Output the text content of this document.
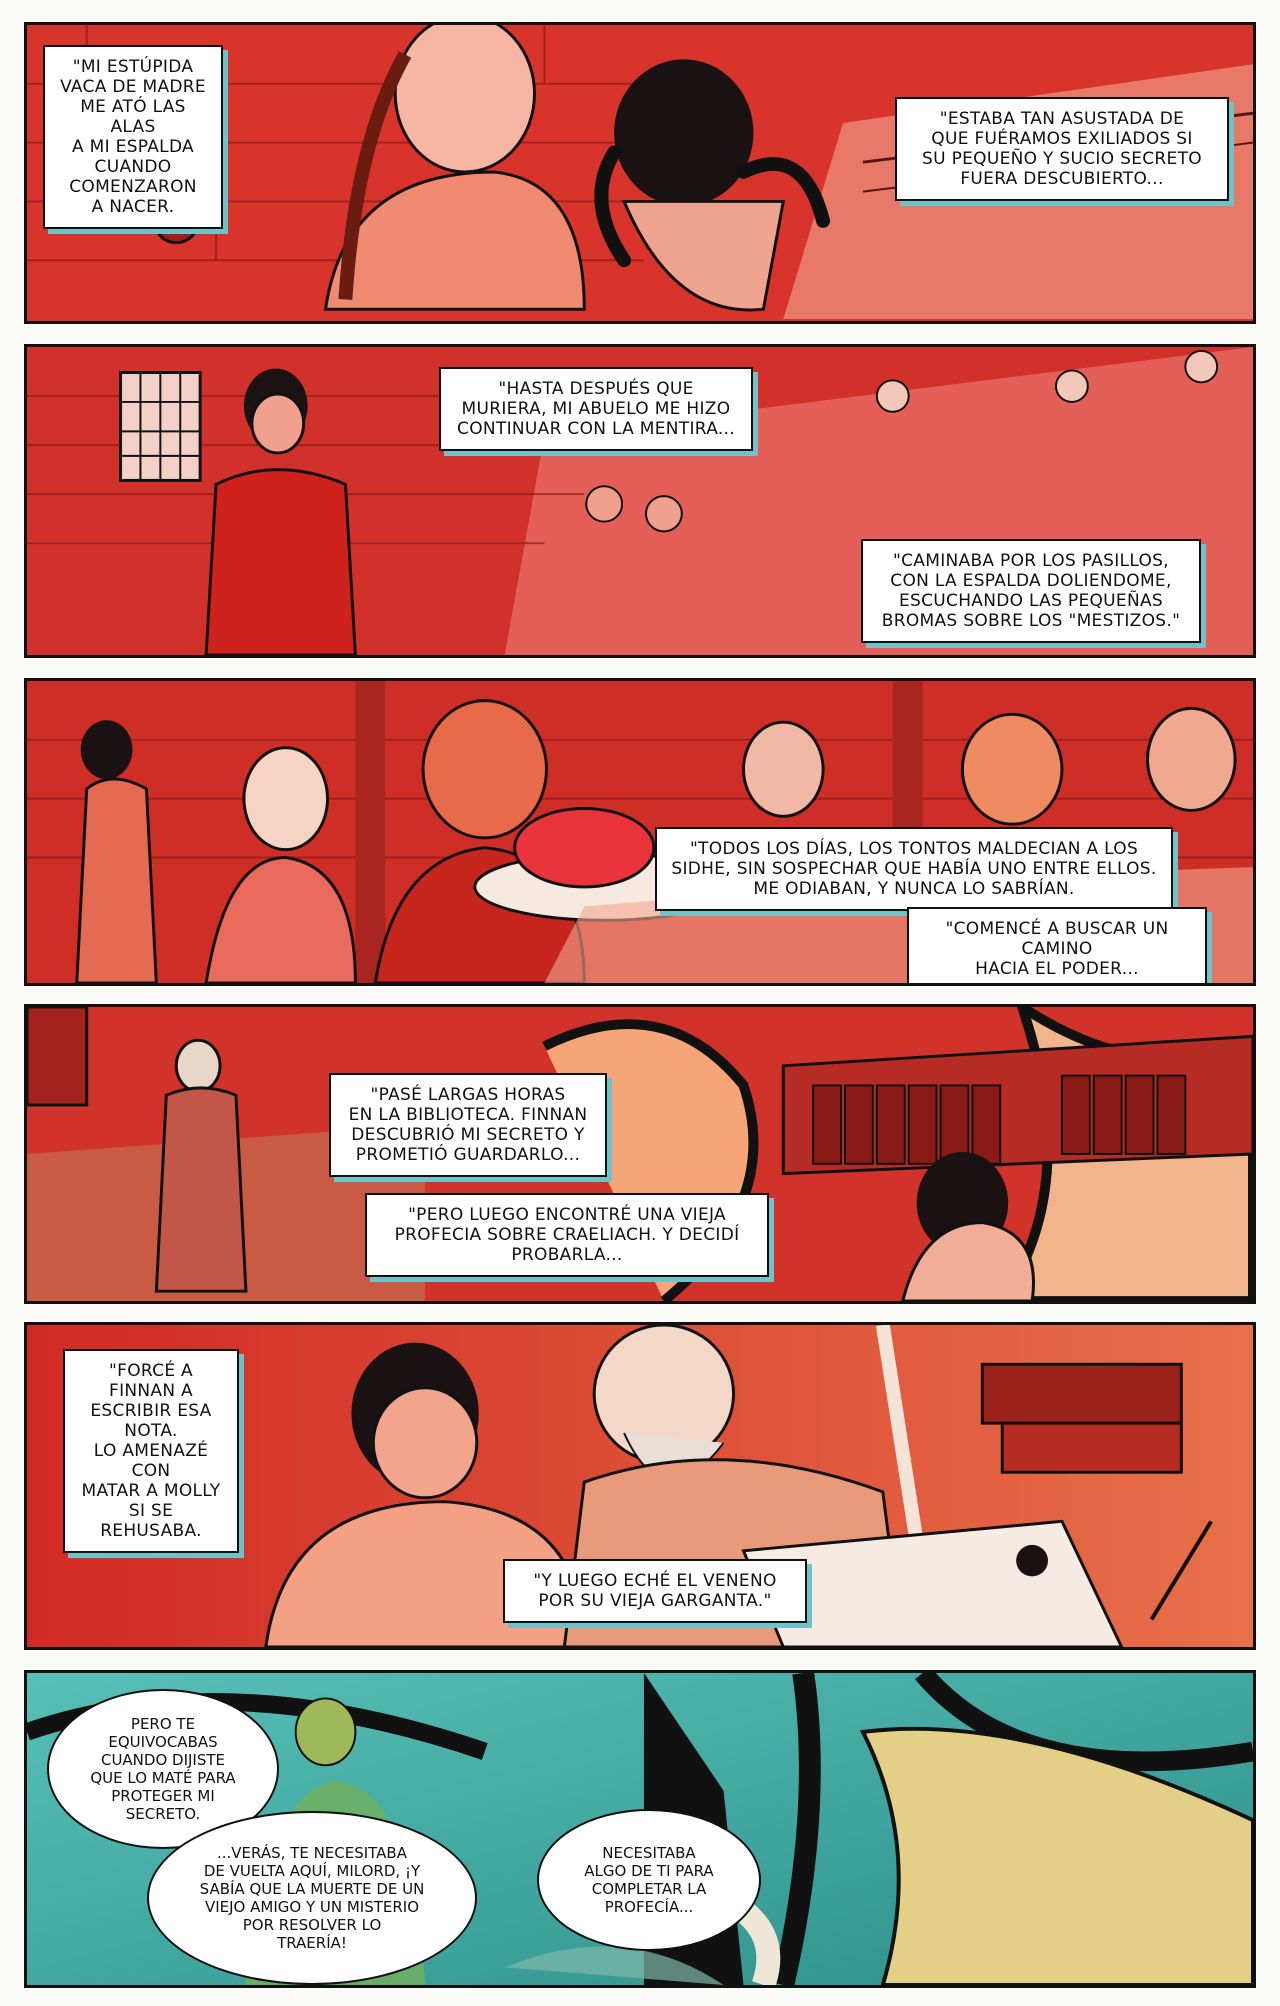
"MI ESTÚPIDA
VACA DE MADRE
ME ATÓ LAS ALAS
A MI ESPALDA
CUANDO
COMENZARON
A NACER.
"ESTABA TAN ASUSTADA DE
QUE FUÉRAMOS EXILIADOS SI
SU PEQUEÑO Y SUCIO SECRETO
FUERA DESCUBIERTO...
"HASTA DESPUÉS QUE
MURIERA, MI ABUELO ME HIZO
CONTINUAR CON LA MENTIRA...
"CAMINABA POR LOS PASILLOS,
CON LA ESPALDA DOLIENDOME,
ESCUCHANDO LAS PEQUEÑAS
BROMAS SOBRE LOS "MESTIZOS."
"TODOS LOS DÍAS, LOS TONTOS MALDECIAN A LOS
SIDHE, SIN SOSPECHAR QUE HABÍA UNO ENTRE ELLOS.
ME ODIABAN, Y NUNCA LO SABRÍAN.
"COMENCÉ A BUSCAR UN CAMINO
HACIA EL PODER...
"PASÉ LARGAS HORAS
EN LA BIBLIOTECA. FINNAN
DESCUBRIÓ MI SECRETO Y
PROMETIÓ GUARDARLO...
"PERO LUEGO ENCONTRÉ UNA VIEJA
PROFECIA SOBRE CRAELIACH. Y DECIDÍ
PROBARLA...
"FORCÉ A FINNAN A
ESCRIBIR ESA NOTA.
LO AMENAZÉ CON
MATAR A MOLLY
SI SE REHUSABA.
"Y LUEGO ECHÉ EL VENENO
POR SU VIEJA GARGANTA."
PERO TE
EQUIVOCABAS
CUANDO DIJISTE
QUE LO MATÉ PARA
PROTEGER MI
SECRETO.
...VERÁS, TE NECESITABA
DE VUELTA AQUÍ, MILORD, ¡Y
SABÍA QUE LA MUERTE DE UN
VIEJO AMIGO Y UN MISTERIO
POR RESOLVER LO
TRAERÍA!
NECESITABA
ALGO DE TI PARA
COMPLETAR LA
PROFECÍA...
